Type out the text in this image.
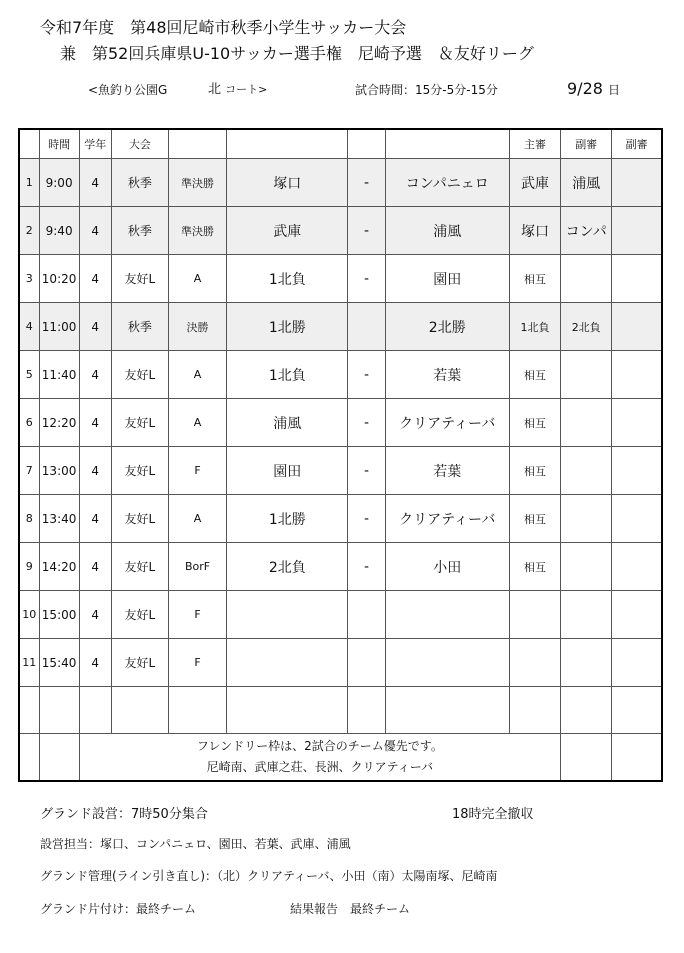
令和7年度　第48回尼崎市秋季小学生サッカー大会
兼　第52回兵庫県U-10サッカー選手権　尼崎予選　＆友好リーグ
<魚釣り公園G	北 コート>	試合時間：15分-5分-15分	9/28 日
	時間	学年	大会					主審	副審	副審
1	9:00	4	秋季	準決勝	塚口	-	コンパニェロ	武庫	浦風	
2	9:40	4	秋季	準決勝	武庫	-	浦風	塚口	コンパ	
3	10:20	4	友好L	A	1北負	-	園田	相互		
4	11:00	4	秋季	決勝	1北勝		2北勝	1北負	2北負	
5	11:40	4	友好L	A	1北負	-	若葉	相互		
6	12:20	4	友好L	A	浦風	-	クリアティーバ	相互		
7	13:00	4	友好L	F	園田	-	若葉	相互		
8	13:40	4	友好L	A	1北勝	-	クリアティーバ	相互		
9	14:20	4	友好L	BorF	2北負	-	小田	相互		
10	15:00	4	友好L	F						
11	15:40	4	友好L	F						

		フレンドリー枠は、2試合のチーム優先です。
尼崎南、武庫之荘、長洲、クリアティーバ								

グランド設営：7時50分集合	18時完全撤収
設営担当：塚口、コンパニェロ、園田、若葉、武庫、浦風
グランド管理(ライン引き直し)：（北）クリアティーバ、小田（南）太陽南塚、尼崎南
グランド片付け：最終チーム	結果報告　最終チーム
